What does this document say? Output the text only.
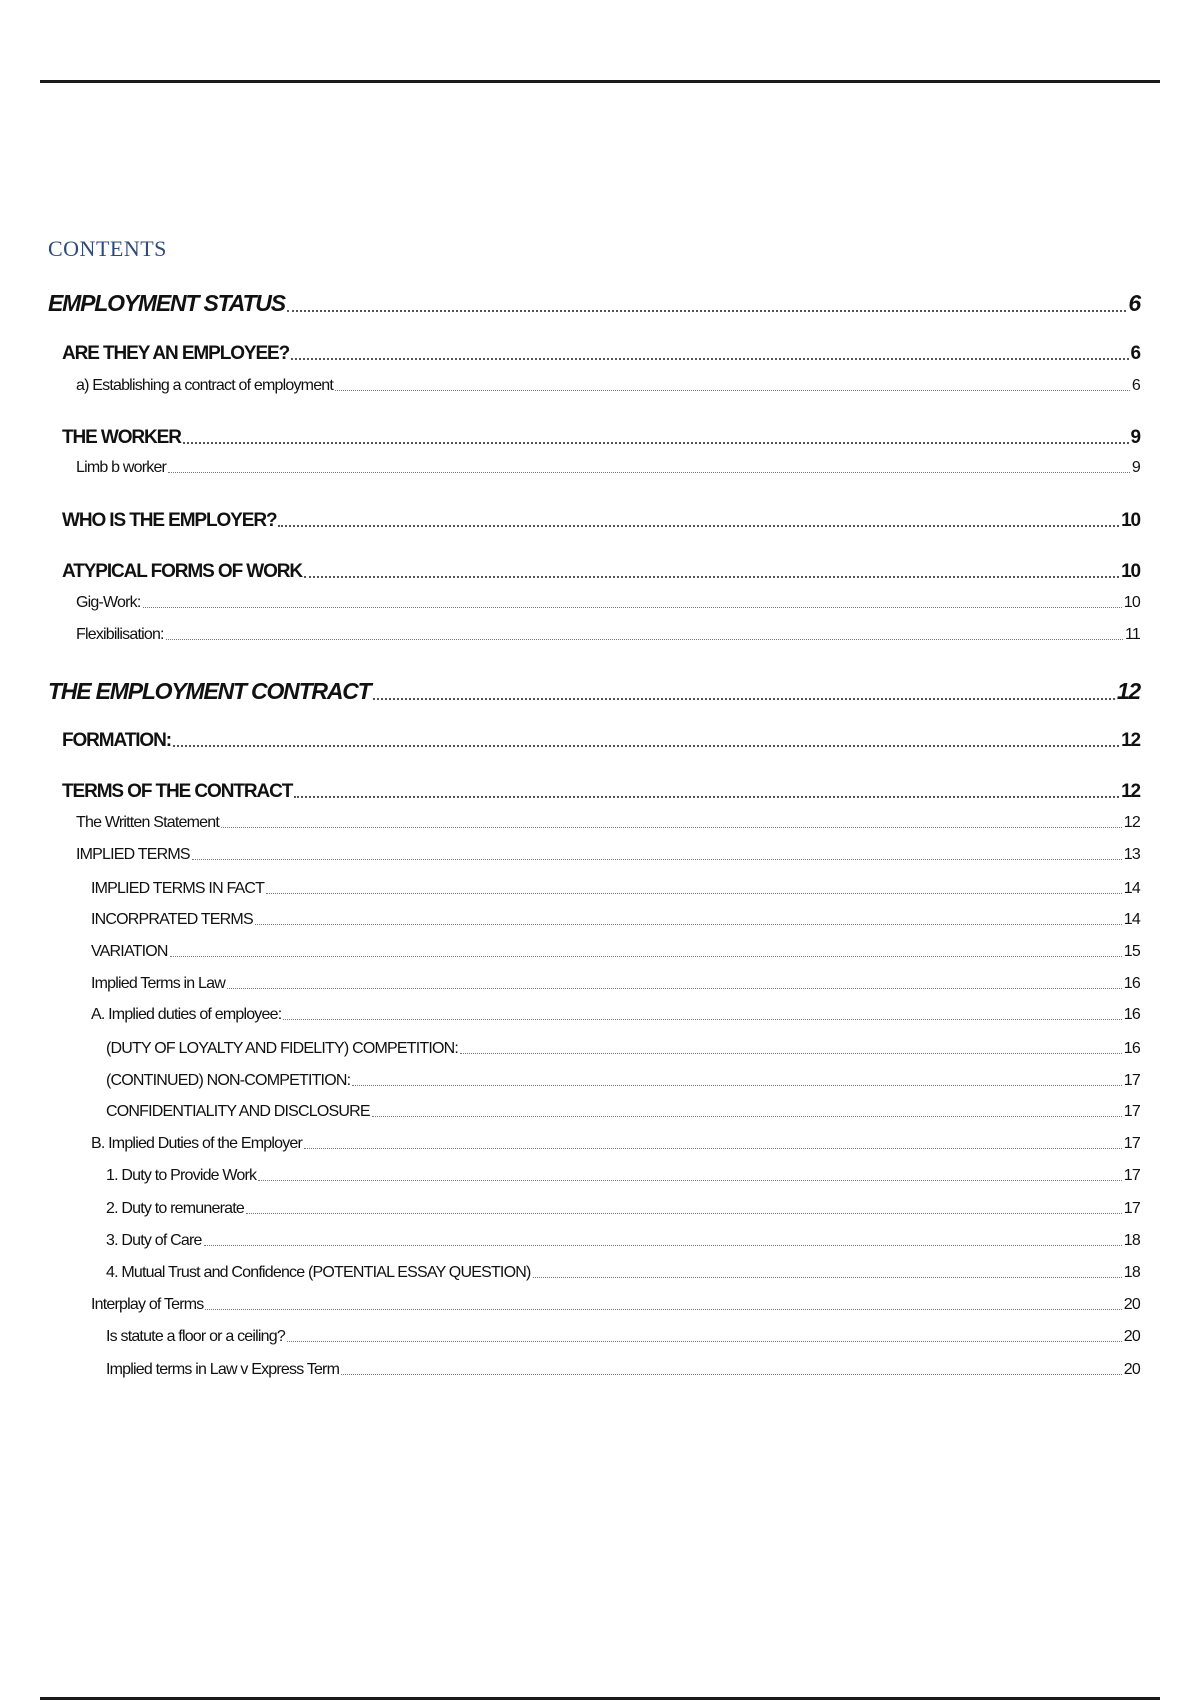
CONTENTS
EMPLOYMENT STATUS	6
ARE THEY AN EMPLOYEE?	6
a) Establishing a contract of employment	6
THE WORKER	9
Limb b worker	9
WHO IS THE EMPLOYER?	10
ATYPICAL FORMS OF WORK	10
Gig-Work:	10
Flexibilisation:	11
THE EMPLOYMENT CONTRACT	12
FORMATION:	12
TERMS OF THE CONTRACT	12
The Written Statement	12
IMPLIED TERMS	13
IMPLIED TERMS IN FACT	14
INCORPRATED TERMS	14
VARIATION	15
Implied Terms in Law	16
A. Implied duties of employee:	16
(DUTY OF LOYALTY AND FIDELITY) COMPETITION:	16
(CONTINUED) NON-COMPETITION:	17
CONFIDENTIALITY AND DISCLOSURE	17
B. Implied Duties of the Employer	17
1. Duty to Provide Work	17
2. Duty to remunerate	17
3. Duty of Care	18
4. Mutual Trust and Confidence (POTENTIAL ESSAY QUESTION)	18
Interplay of Terms	20
Is statute a floor or a ceiling?	20
Implied terms in Law v Express Term	20
